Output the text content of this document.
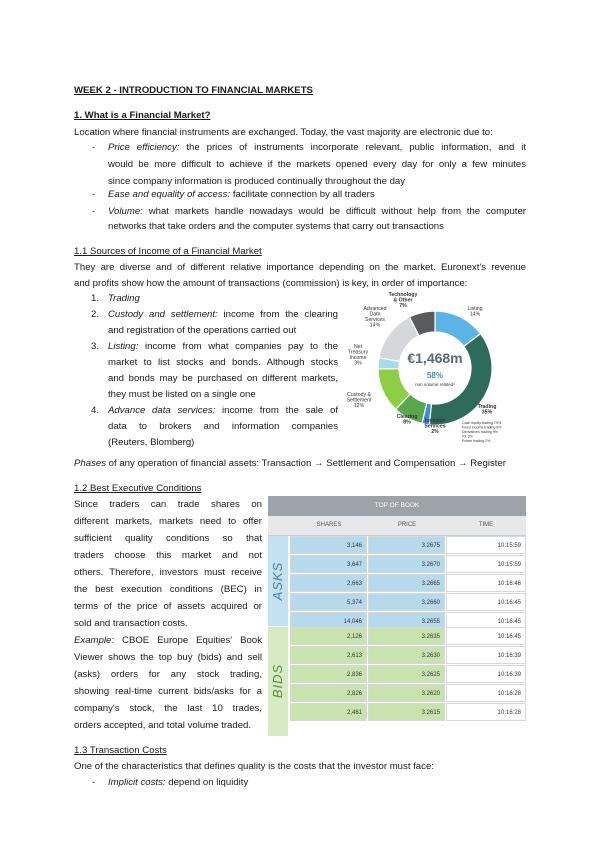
WEEK 2 - INTRODUCTION TO FINANCIAL MARKETS
1. What is a Financial Market?
Location where financial instruments are exchanged. Today, the vast majority are electronic due to:
- Price efficiency: the prices of instruments incorporate relevant, public information, and it
would be more difficult to achieve if the markets opened every day for only a few minutes
since company information is produced continually throughout the day
- Ease and equality of access: facilitate connection by all traders
- Volume: what markets handle nowadays would be difficult without help from the computer
networks that take orders and the computer systems that carry out transactions
1.1 Sources of Income of a Financial Market
They are diverse and of different relative importance depending on the market. Euronext's revenue
and profits show how the amount of transactions (commission) is key, in order of importance:
1. Trading
2. Custody and settlement: income from the clearing
and registration of the operations carried out
3. Listing: income from what companies pay to the
market to list stocks and bonds. Although stocks
and bonds may be purchased on different markets,
they must be listed on a single one
4. Advance data services: income from the sale of
data to brokers and information companies
(Reuters, Blomberg)
€1,468m
58%
non volume related¹
Technology & Other 7%	Listing 14%
Advanced Data Services 14%
Net Treasury Income 3%
Custody & Settlement 12%
Clearing 8%	Investor Services 2%
Trading 35%
Cash equity trading 79%
Fixed income trading 8%
Derivatives trading 9%
FX 3%
Power trading 2%
Phases of any operation of financial assets: Transaction → Settlement and Compensation → Register
1.2 Best Executive Conditions
Since traders can trade shares on
different markets, markets need to offer
sufficient quality conditions so that
traders choose this market and not
others. Therefore, investors must receive
the best execution conditions (BEC) in
terms of the price of assets acquired or
sold and transaction costs.
Example: CBOE Europe Equities' Book
Viewer shows the top buy (bids) and sell
(asks) orders for any stock trading,
showing real-time current bids/asks for a
company's stock, the last 10 trades,
orders accepted, and total volume traded.
TOP OF BOOK
SHARES	PRICE	TIME
ASKS
BIDS
3,146	3.2675	10:15:59
3,647	3.2670	10:15:59
2,663	3.2665	10:16:46
5,374	3.2660	10:16:45
14,046	3.2655	10:16:45
2,126	3.2635	10:16:45
2,613	3.2630	10:16:39
2,836	3.2625	10:16:39
2,826	3.2620	10:16:28
2,461	3.2615	10:16:28
1.3 Transaction Costs
One of the characteristics that defines quality is the costs that the investor must face:
- Implicit costs: depend on liquidity
